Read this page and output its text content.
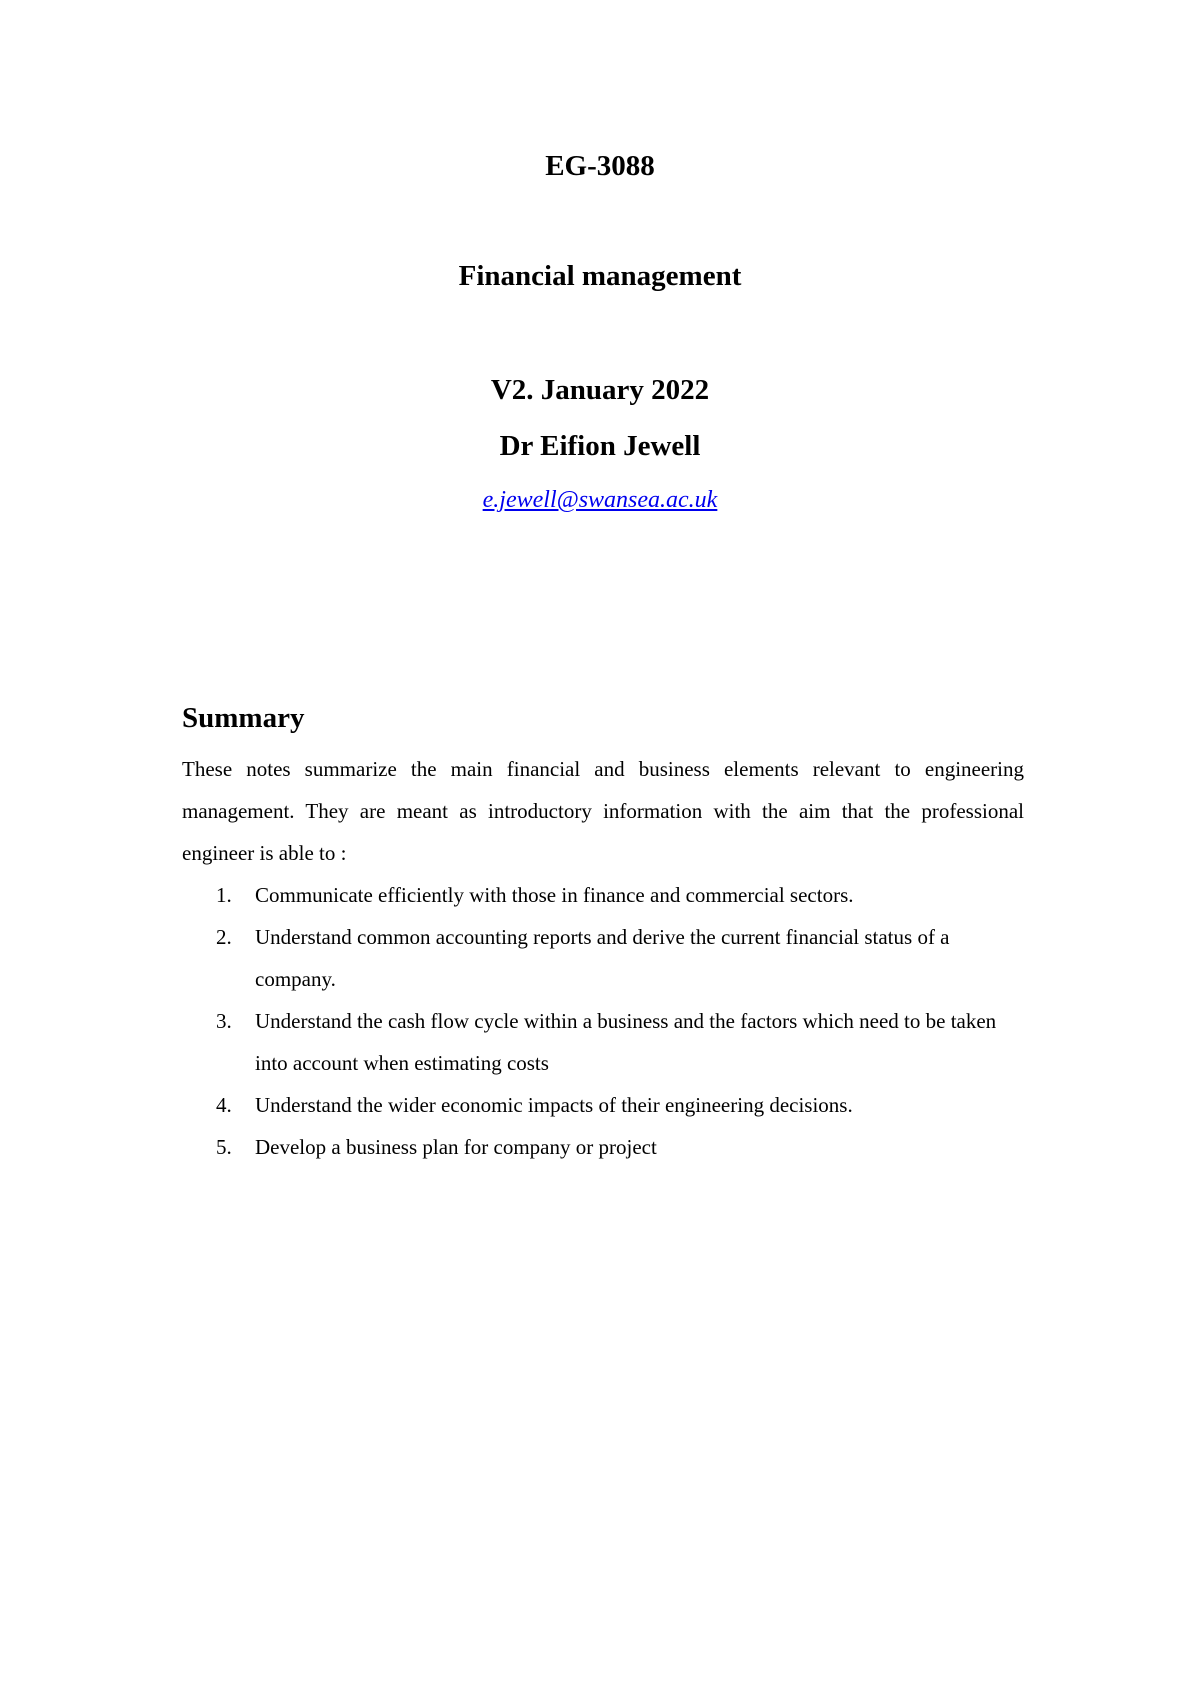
EG-3088
Financial management
V2. January 2022
Dr Eifion Jewell
e.jewell@swansea.ac.uk
Summary

These notes summarize the main financial and business elements relevant to engineering management. They are meant as introductory information with the aim that the professional engineer is able to :

1. Communicate efficiently with those in finance and commercial sectors.
2. Understand common accounting reports and derive the current financial status of a company.
3. Understand the cash flow cycle within a business and the factors which need to be taken into account when estimating costs
4. Understand the wider economic impacts of their engineering decisions.
5. Develop a business plan for company or project
